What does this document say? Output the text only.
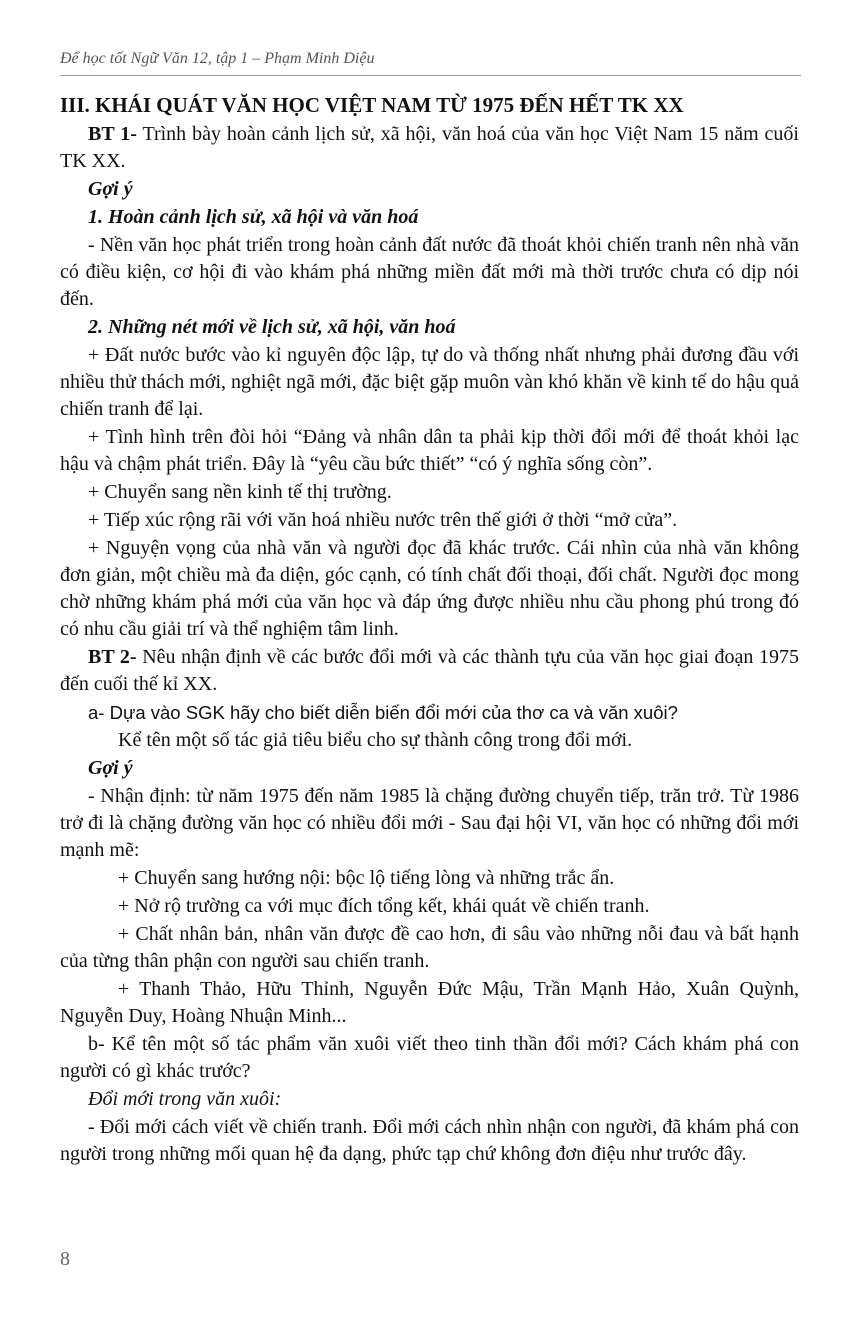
Để học tốt Ngữ Văn 12, tập 1 – Phạm Minh Diệu

III. KHÁI QUÁT VĂN HỌC VIỆT NAM TỪ 1975 ĐẾN HẾT TK XX

BT 1- Trình bày hoàn cảnh lịch sử, xã hội, văn hoá của văn học Việt Nam 15 năm cuối TK XX.

Gợi ý

1. Hoàn cảnh lịch sử, xã hội và văn hoá

- Nền văn học phát triển trong hoàn cảnh đất nước đã thoát khỏi chiến tranh nên nhà văn có điều kiện, cơ hội đi vào khám phá những miền đất mới mà thời trước chưa có dịp nói đến.

2. Những nét mới về lịch sử, xã hội, văn hoá

+ Đất nước bước vào kỉ nguyên độc lập, tự do và thống nhất nhưng phải đương đầu với nhiều thử thách mới, nghiệt ngã mới, đặc biệt gặp muôn vàn khó khăn về kinh tế do hậu quả chiến tranh để lại.

+ Tình hình trên đòi hỏi “Đảng và nhân dân ta phải kịp thời đổi mới để thoát khỏi lạc hậu và chậm phát triển. Đây là “yêu cầu bức thiết” “có ý nghĩa sống còn”.

+ Chuyển sang nền kinh tế thị trường.

+ Tiếp xúc rộng rãi với văn hoá nhiều nước trên thế giới ở thời “mở cửa”.

+ Nguyện vọng của nhà văn và người đọc đã khác trước. Cái nhìn của nhà văn không đơn giản, một chiều mà đa diện, góc cạnh, có tính chất đối thoại, đối chất. Người đọc mong chờ những khám phá mới của văn học và đáp ứng được nhiều nhu cầu phong phú trong đó có nhu cầu giải trí và thể nghiệm tâm linh.

BT 2- Nêu nhận định về các bước đổi mới và các thành tựu của văn học giai đoạn 1975 đến cuối thế kỉ XX.

a- Dựa vào SGK hãy cho biết diễn biến đổi mới của thơ ca và văn xuôi?

Kể tên một số tác giả tiêu biểu cho sự thành công trong đổi mới.

Gợi ý

- Nhận định: từ năm 1975 đến năm 1985 là chặng đường chuyển tiếp, trăn trở. Từ 1986 trở đi là chặng đường văn học có nhiều đổi mới - Sau đại hội VI, văn học có những đổi mới mạnh mẽ:

+ Chuyển sang hướng nội: bộc lộ tiếng lòng và những trắc ẩn.

+ Nở rộ trường ca với mục đích tổng kết, khái quát về chiến tranh.

+ Chất nhân bản, nhân văn được đề cao hơn, đi sâu vào những nỗi đau và bất hạnh của từng thân phận con người sau chiến tranh.

+ Thanh Thảo, Hữu Thỉnh, Nguyễn Đức Mậu, Trần Mạnh Hảo, Xuân Quỳnh, Nguyễn Duy, Hoàng Nhuận Minh...

b- Kể tên một số tác phẩm văn xuôi viết theo tinh thần đổi mới? Cách khám phá con người có gì khác trước?

Đổi mới trong văn xuôi:

- Đổi mới cách viết về chiến tranh. Đổi mới cách nhìn nhận con người, đã khám phá con người trong những mối quan hệ đa dạng, phức tạp chứ không đơn điệu như trước đây.

8
